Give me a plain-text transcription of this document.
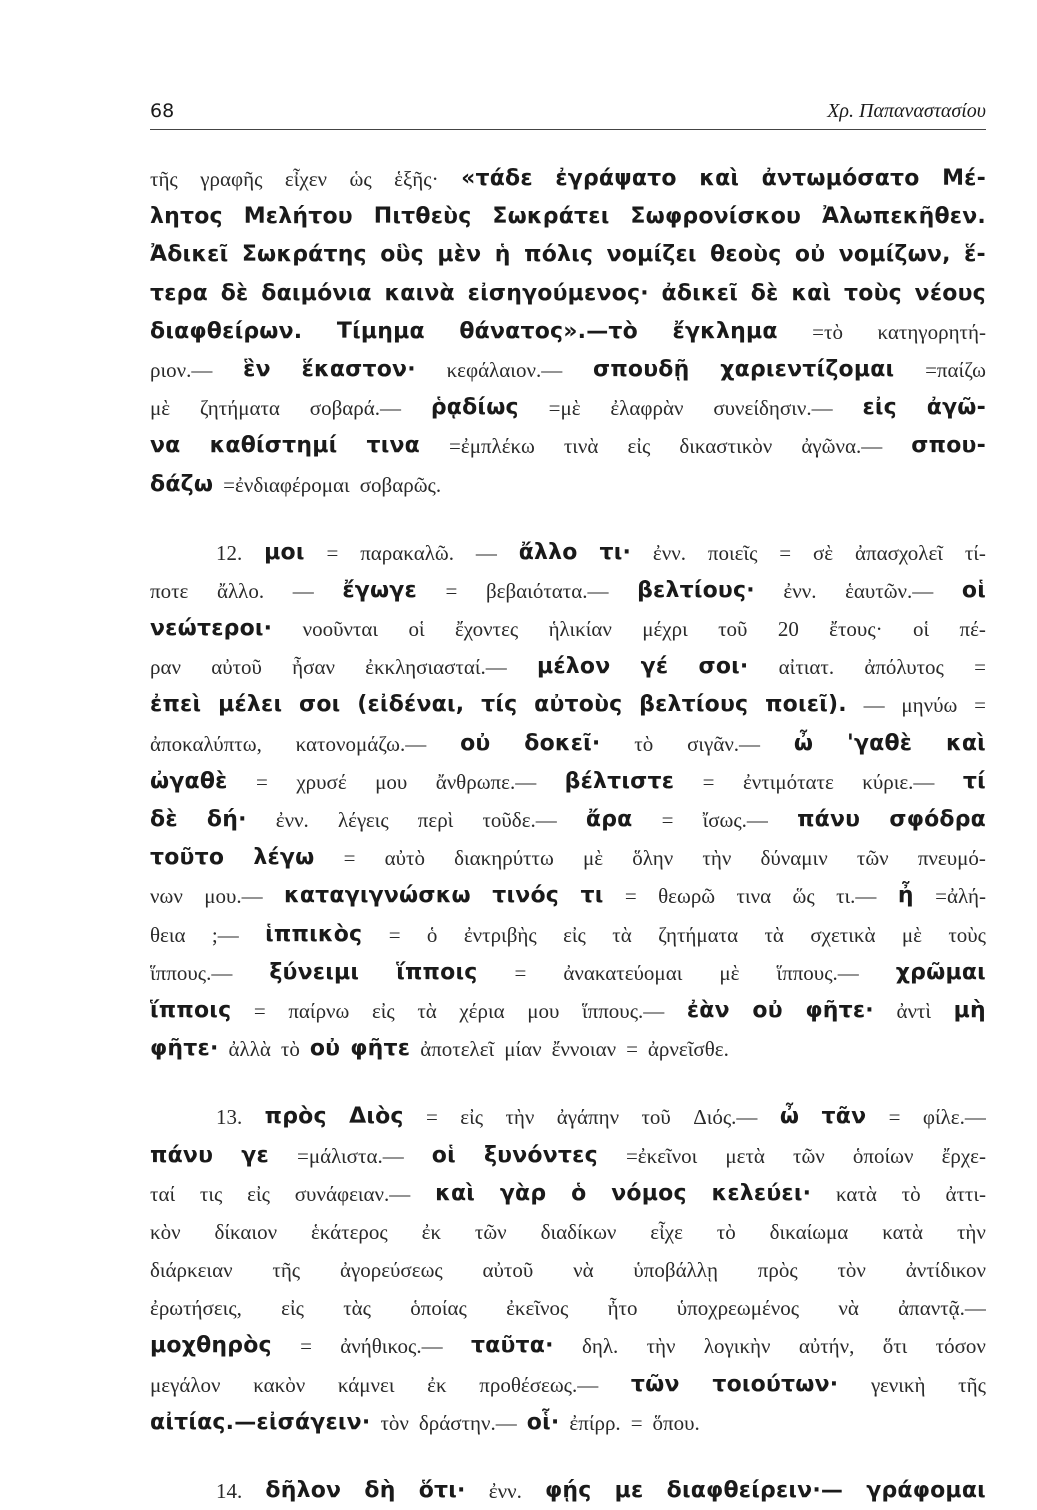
68	Χρ. Παπαναστασίου
τῆς γραφῆς εἶχεν ὡς ἑξῆς· «τάδε ἐγράψατο καὶ ἀντωμόσατο Μέ-
λητος Μελήτου Πιτθεὺς Σωκράτει Σωφρονίσκου Ἀλωπεκῆθεν.
Ἀδικεῖ Σωκράτης οὓς μὲν ἡ πόλις νομίζει θεοὺς οὐ νομίζων, ἕ-
τερα δὲ δαιμόνια καινὰ εἰσηγούμενος· ἀδικεῖ δὲ καὶ τοὺς νέους
διαφθείρων. Τίμημα θάνατος».—τὸ ἔγκλημα =τὸ κατηγορητή-
ριον.— ἓν ἕκαστον· κεφάλαιον.— σπουδῇ χαριεντίζομαι =παίζω
μὲ ζητήματα σοβαρά.— ῥᾳδίως =μὲ ἐλαφρὰν συνείδησιν.— εἰς ἀγῶ-
να καθίστημί τινα =ἐμπλέκω τινὰ εἰς δικαστικὸν ἀγῶνα.— σπου-
δάζω =ἐνδιαφέρομαι σοβαρῶς.
12. μοι = παρακαλῶ. — ἄλλο τι· ἐνν. ποιεῖς = σὲ ἀπασχολεῖ τί-
ποτε ἄλλο. — ἔγωγε = βεβαιότατα.— βελτίους· ἐνν. ἑαυτῶν.— οἱ
νεώτεροι· νοοῦνται οἱ ἔχοντες ἡλικίαν μέχρι τοῦ 20 ἔτους· οἱ πέ-
ραν αὐτοῦ ἦσαν ἐκκλησιασταί.— μέλον γέ σοι· αἰτιατ. ἀπόλυτος =
ἐπεὶ μέλει σοι (εἰδέναι, τίς αὐτοὺς βελτίους ποιεῖ). — μηνύω =
ἀποκαλύπτω, κατονομάζω.— οὐ δοκεῖ· τὸ σιγᾶν.— ὦ 'γαθὲ καὶ
ὠγαθὲ = χρυσέ μου ἄνθρωπε.— βέλτιστε = ἐντιμότατε κύριε.— τί
δὲ δή· ἐνν. λέγεις περὶ τοῦδε.— ἄρα = ἴσως.— πάνυ σφόδρα
τοῦτο λέγω = αὐτὸ διακηρύττω μὲ ὅλην τὴν δύναμιν τῶν πνευμό-
νων μου.— καταγιγνώσκω τινός τι = θεωρῶ τινα ὥς τι.— ἦ =ἀλή-
θεια ;— ἱππικὸς = ὁ ἐντριβὴς εἰς τὰ ζητήματα τὰ σχετικὰ μὲ τοὺς
ἵππους.— ξύνειμι ἵπποις = ἀνακατεύομαι μὲ ἵππους.— χρῶμαι
ἵπποις = παίρνω εἰς τὰ χέρια μου ἵππους.— ἐὰν οὐ φῆτε· ἀντὶ μὴ
φῆτε· ἀλλὰ τὸ οὐ φῆτε ἀποτελεῖ μίαν ἔννοιαν = ἀρνεῖσθε.
13. πρὸς Διὸς = εἰς τὴν ἀγάπην τοῦ Διός.— ὦ τᾶν = φίλε.—
πάνυ γε =μάλιστα.— οἱ ξυνόντες =ἐκεῖνοι μετὰ τῶν ὁποίων ἔρχε-
ταί τις εἰς συνάφειαν.— καὶ γὰρ ὁ νόμος κελεύει· κατὰ τὸ ἀττι-
κὸν δίκαιον ἑκάτερος ἐκ τῶν διαδίκων εἶχε τὸ δικαίωμα κατὰ τὴν
διάρκειαν τῆς ἀγορεύσεως αὐτοῦ νὰ ὑποβάλλῃ πρὸς τὸν ἀντίδικον
ἐρωτήσεις, εἰς τὰς ὁποίας ἐκεῖνος ἦτο ὑποχρεωμένος νὰ ἀπαντᾷ.—
μοχθηρὸς = ἀνήθικος.— ταῦτα· δηλ. τὴν λογικὴν αὐτήν, ὅτι τόσον
μεγάλον κακὸν κάμνει ἐκ προθέσεως.— τῶν τοιούτων· γενικὴ τῆς
αἰτίας.—εἰσάγειν· τὸν δράστην.— οἷ· ἐπίρρ. = ὅπου.
14. δῆλον δὴ ὅτι· ἐνν. φῄς με διαφθείρειν·— γράφομαι
